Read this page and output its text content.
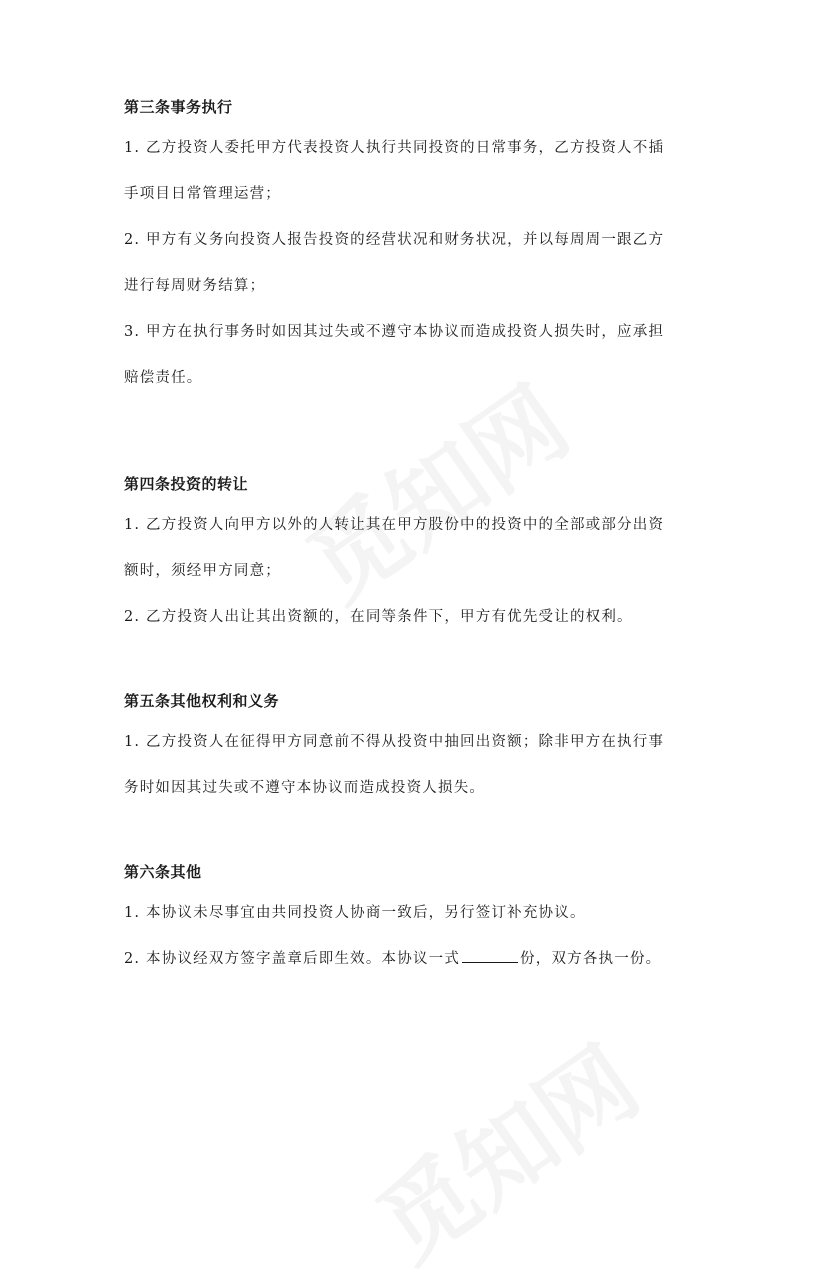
第三条事务执行

1. 乙方投资人委托甲方代表投资人执行共同投资的日常事务，乙方投资人不插

手项目日常管理运营；

2. 甲方有义务向投资人报告投资的经营状况和财务状况，并以每周周一跟乙方

进行每周财务结算；

3. 甲方在执行事务时如因其过失或不遵守本协议而造成投资人损失时，应承担

赔偿责任。

第四条投资的转让

1. 乙方投资人向甲方以外的人转让其在甲方股份中的投资中的全部或部分出资

额时，须经甲方同意；

2. 乙方投资人出让其出资额的，在同等条件下，甲方有优先受让的权利。

第五条其他权利和义务

1. 乙方投资人在征得甲方同意前不得从投资中抽回出资额；除非甲方在执行事

务时如因其过失或不遵守本协议而造成投资人损失。

第六条其他

1. 本协议未尽事宜由共同投资人协商一致后，另行签订补充协议。

2. 本协议经双方签字盖章后即生效。本协议一式	份，双方各执一份。
